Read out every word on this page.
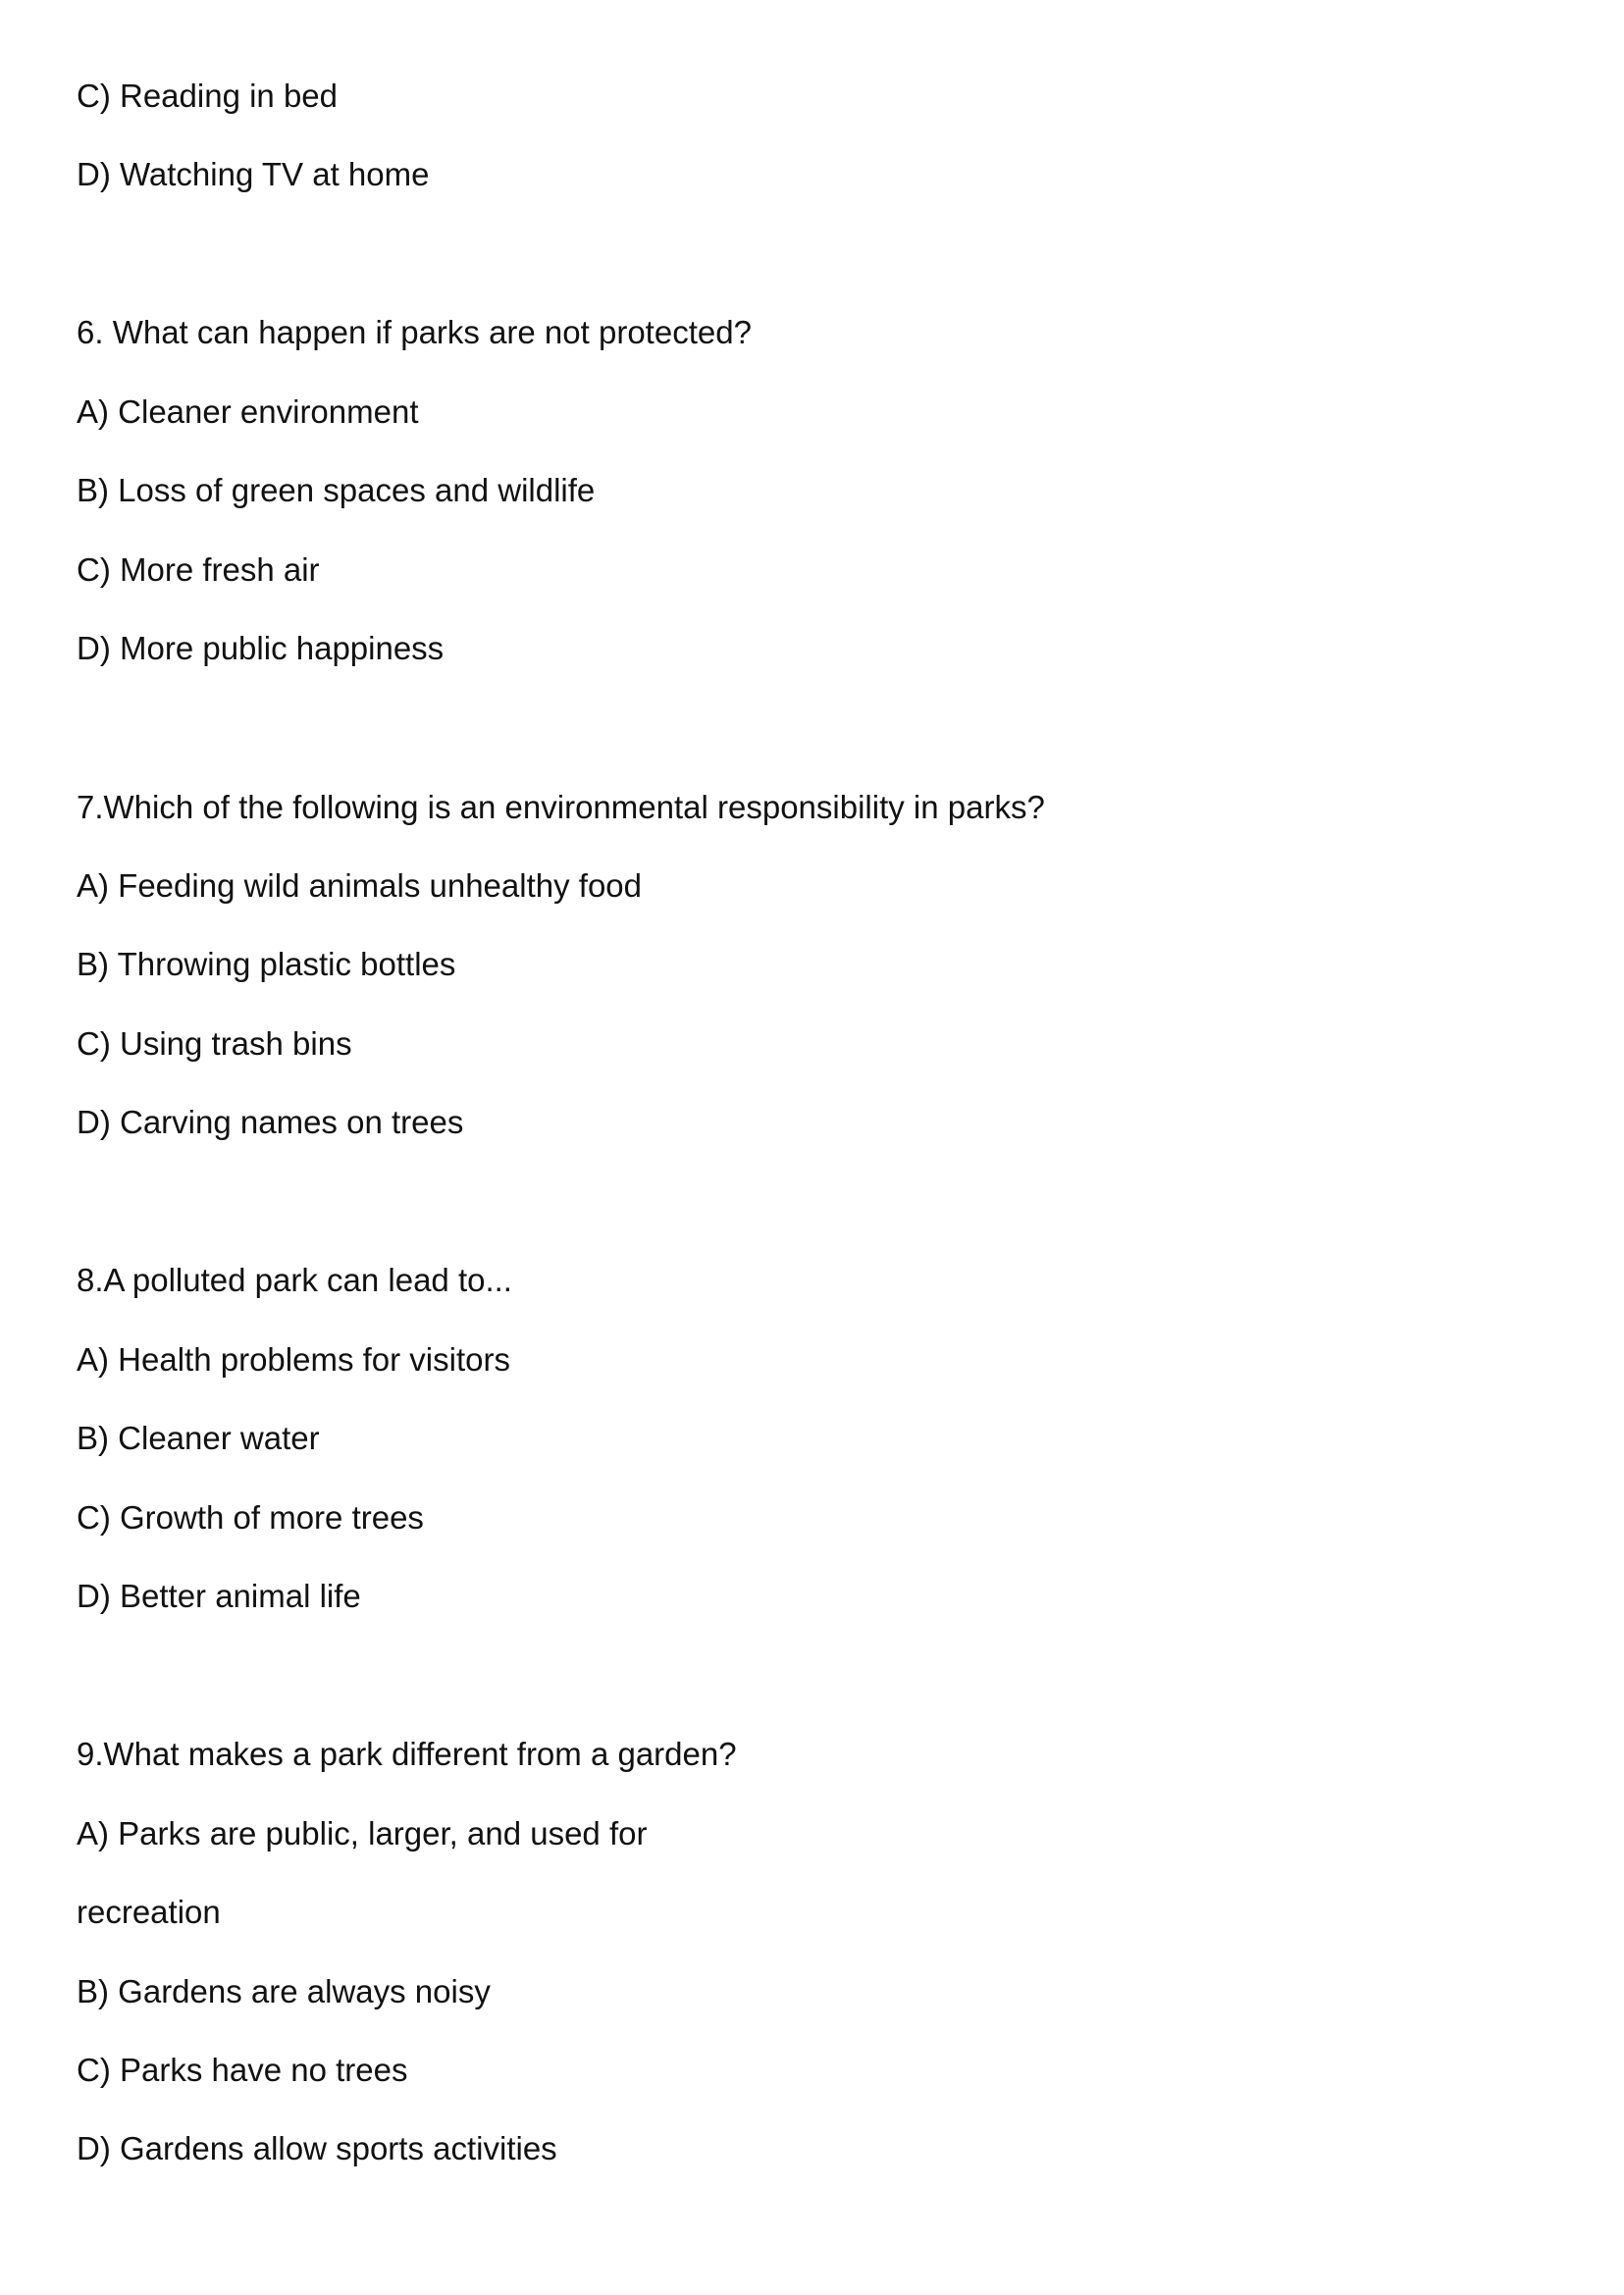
C) Reading in bed

D) Watching TV at home

6. What can happen if parks are not protected?

A) Cleaner environment

B) Loss of green spaces and wildlife

C) More fresh air

D) More public happiness

7.Which of the following is an environmental responsibility in parks?

A) Feeding wild animals unhealthy food

B) Throwing plastic bottles

C) Using trash bins

D) Carving names on trees

8.A polluted park can lead to...

A) Health problems for visitors

B) Cleaner water

C) Growth of more trees

D) Better animal life

9.What makes a park different from a garden?

A) Parks are public, larger, and used for

recreation

B) Gardens are always noisy

C) Parks have no trees

D) Gardens allow sports activities
